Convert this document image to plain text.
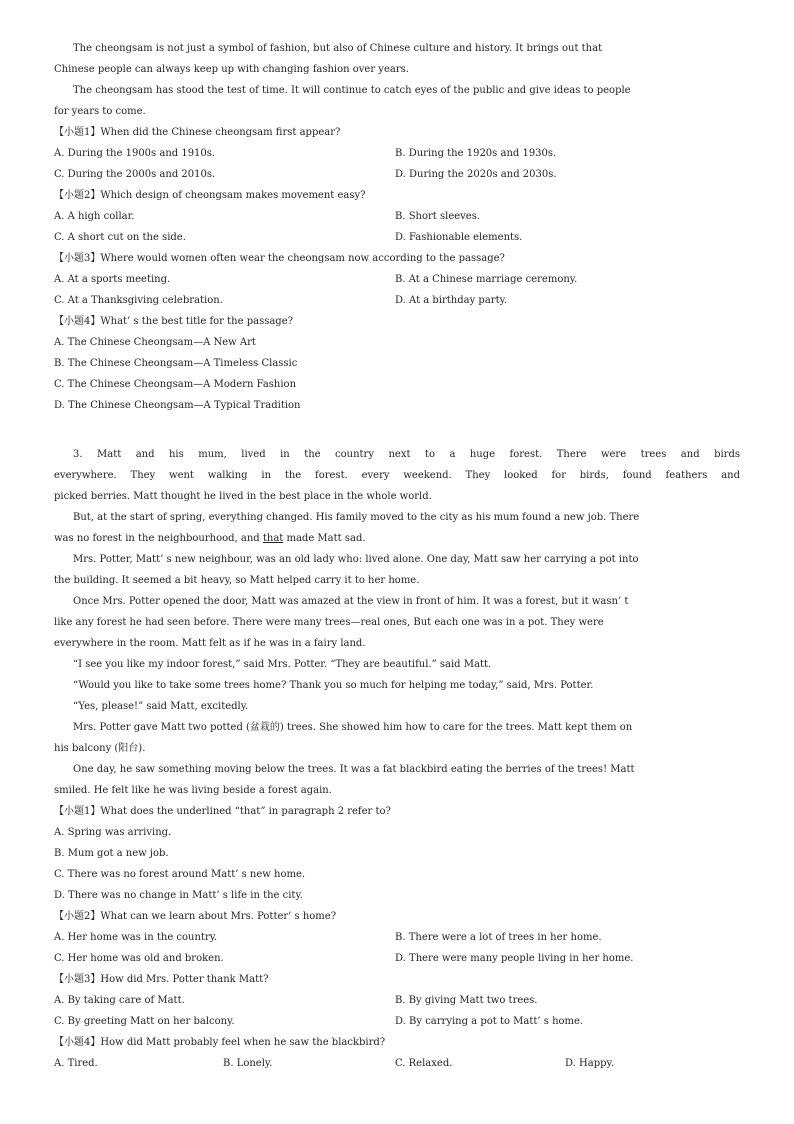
The cheongsam is not just a symbol of fashion, but also of Chinese culture and history. It brings out that
Chinese people can always keep up with changing fashion over years.
The cheongsam has stood the test of time. It will continue to catch eyes of the public and give ideas to people
for years to come.
【小题1】When did the Chinese cheongsam first appear?
A. During the 1900s and 1910s.	B. During the 1920s and 1930s.
C. During the 2000s and 2010s.	D. During the 2020s and 2030s.
【小题2】Which design of cheongsam makes movement easy?
A. A high collar.	B. Short sleeves.
C. A short cut on the side.	D. Fashionable elements.
【小题3】Where would women often wear the cheongsam now according to the passage?
A. At a sports meeting.	B. At a Chinese marriage ceremony.
C. At a Thanksgiving celebration.	D. At a birthday party.
【小题4】What’ s the best title for the passage?
A. The Chinese Cheongsam—A New Art
B. The Chinese Cheongsam—A Timeless Classic
C. The Chinese Cheongsam—A Modern Fashion
D. The Chinese Cheongsam—A Typical Tradition
3. Matt and his mum, lived in the country next to a huge forest. There were trees and birds
everywhere. They went walking in the forest. every weekend. They looked for birds, found feathers and
picked berries. Matt thought he lived in the best place in the whole world.
But, at the start of spring, everything changed. His family moved to the city as his mum found a new job. There
was no forest in the neighbourhood, and that made Matt sad.
Mrs. Potter, Matt’ s new neighbour, was an old lady who: lived alone. One day, Matt saw her carrying a pot into
the building. It seemed a bit heavy, so Matt helped carry it to her home.
Once Mrs. Potter opened the door, Matt was amazed at the view in front of him. It was a forest, but it wasn’ t
like any forest he had seen before. There were many trees—real ones, But each one was in a pot. They were
everywhere in the room. Matt felt as if he was in a fairy land.
“I see you like my indoor forest,” said Mrs. Potter. “They are beautiful.” said Matt.
“Would you like to take some trees home? Thank you so much for helping me today,” said, Mrs. Potter.
“Yes, please!” said Matt, excitedly.
Mrs. Potter gave Matt two potted (盆栽的) trees. She showed him how to care for the trees. Matt kept them on
his balcony (阳台).
One day, he saw something moving below the trees. It was a fat blackbird eating the berries of the trees! Matt
smiled. He felt like he was living beside a forest again.
【小题1】What does the underlined “that” in paragraph 2 refer to?
A. Spring was arriving.
B. Mum got a new job.
C. There was no forest around Matt’ s new home.
D. There was no change in Matt’ s life in the city.
【小题2】What can we learn about Mrs. Potter’ s home?
A. Her home was in the country.	B. There were a lot of trees in her home.
C. Her home was old and broken.	D. There were many people living in her home.
【小题3】How did Mrs. Potter thank Matt?
A. By taking care of Matt.	B. By giving Matt two trees.
C. By greeting Matt on her balcony.	D. By carrying a pot to Matt’ s home.
【小题4】How did Matt probably feel when he saw the blackbird?
A. Tired.	B. Lonely.	C. Relaxed.	D. Happy.
